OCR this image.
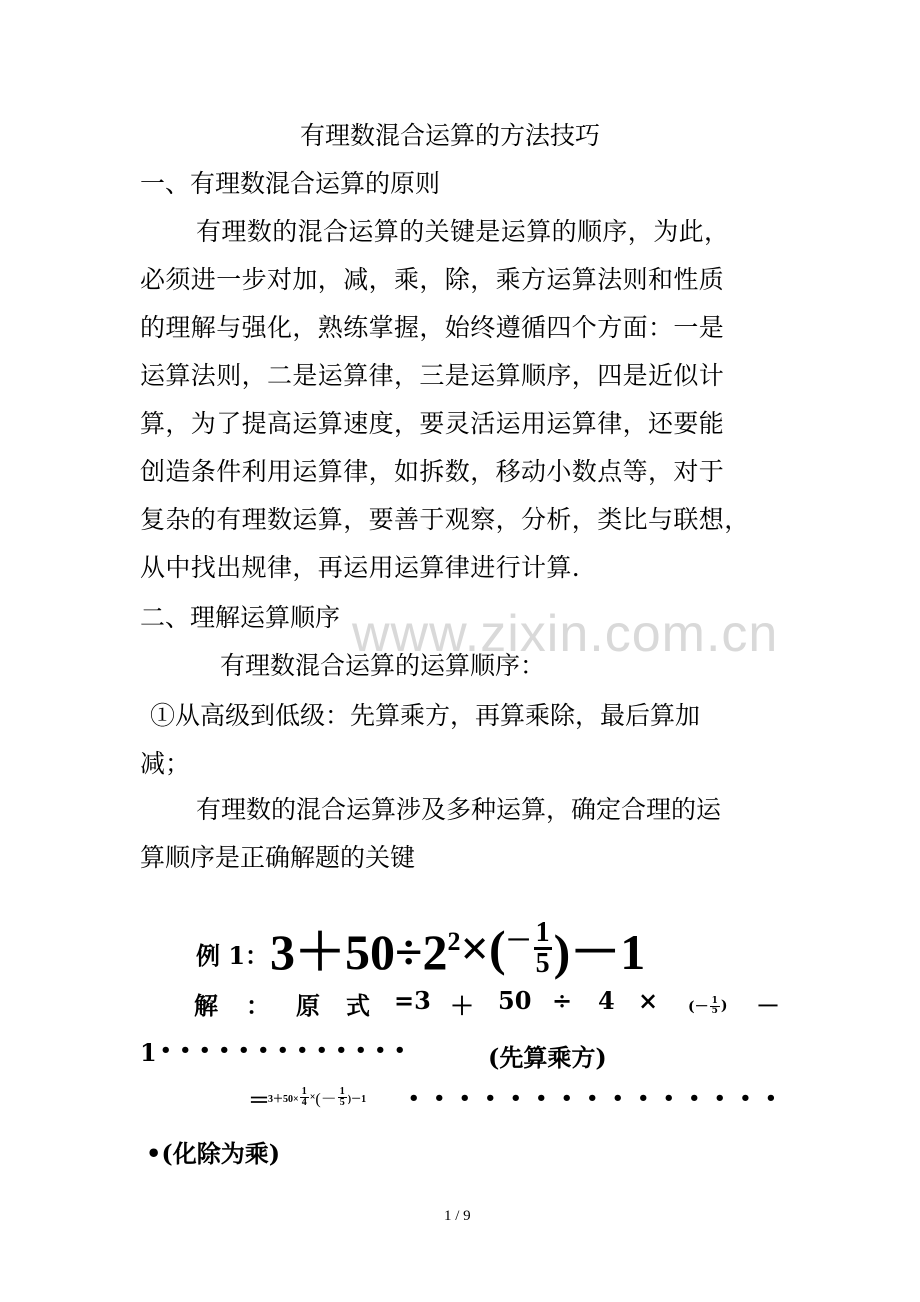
有理数混合运算的方法技巧
一、有理数混合运算的原则
有理数的混合运算的关键是运算的顺序，为此，
必须进一步对加，减，乘，除，乘方运算法则和性质
的理解与强化，熟练掌握，始终遵循四个方面：一是
运算法则，二是运算律，三是运算顺序，四是近似计
算，为了提高运算速度，要灵活运用运算律，还要能
创造条件利用运算律，如拆数，移动小数点等，对于
复杂的有理数运算，要善于观察，分析，类比与联想，
从中找出规律，再运用运算律进行计算.
www.zixin.com.cn
二、理解运算顺序
有理数混合运算的运算顺序：
①从高级到低级：先算乘方，再算乘除，最后算加
减；
有理数的混合运算涉及多种运算，确定合理的运
算顺序是正确解题的关键
例 1： $3+50\div 2^2$ ×( － $\frac{1}{5} )-1$
解 ： 原 式 =3 ＋ 50 ÷ 4 × (－ $\frac{1}{5}$ ) －
1 •••••••••••••	(先算乘方)
＝
$3+50\times \frac{1}{4}$ × (－ $\frac{1}{5} )-1$ •••••••••••••••
•(化除为乘)
1 / 9
